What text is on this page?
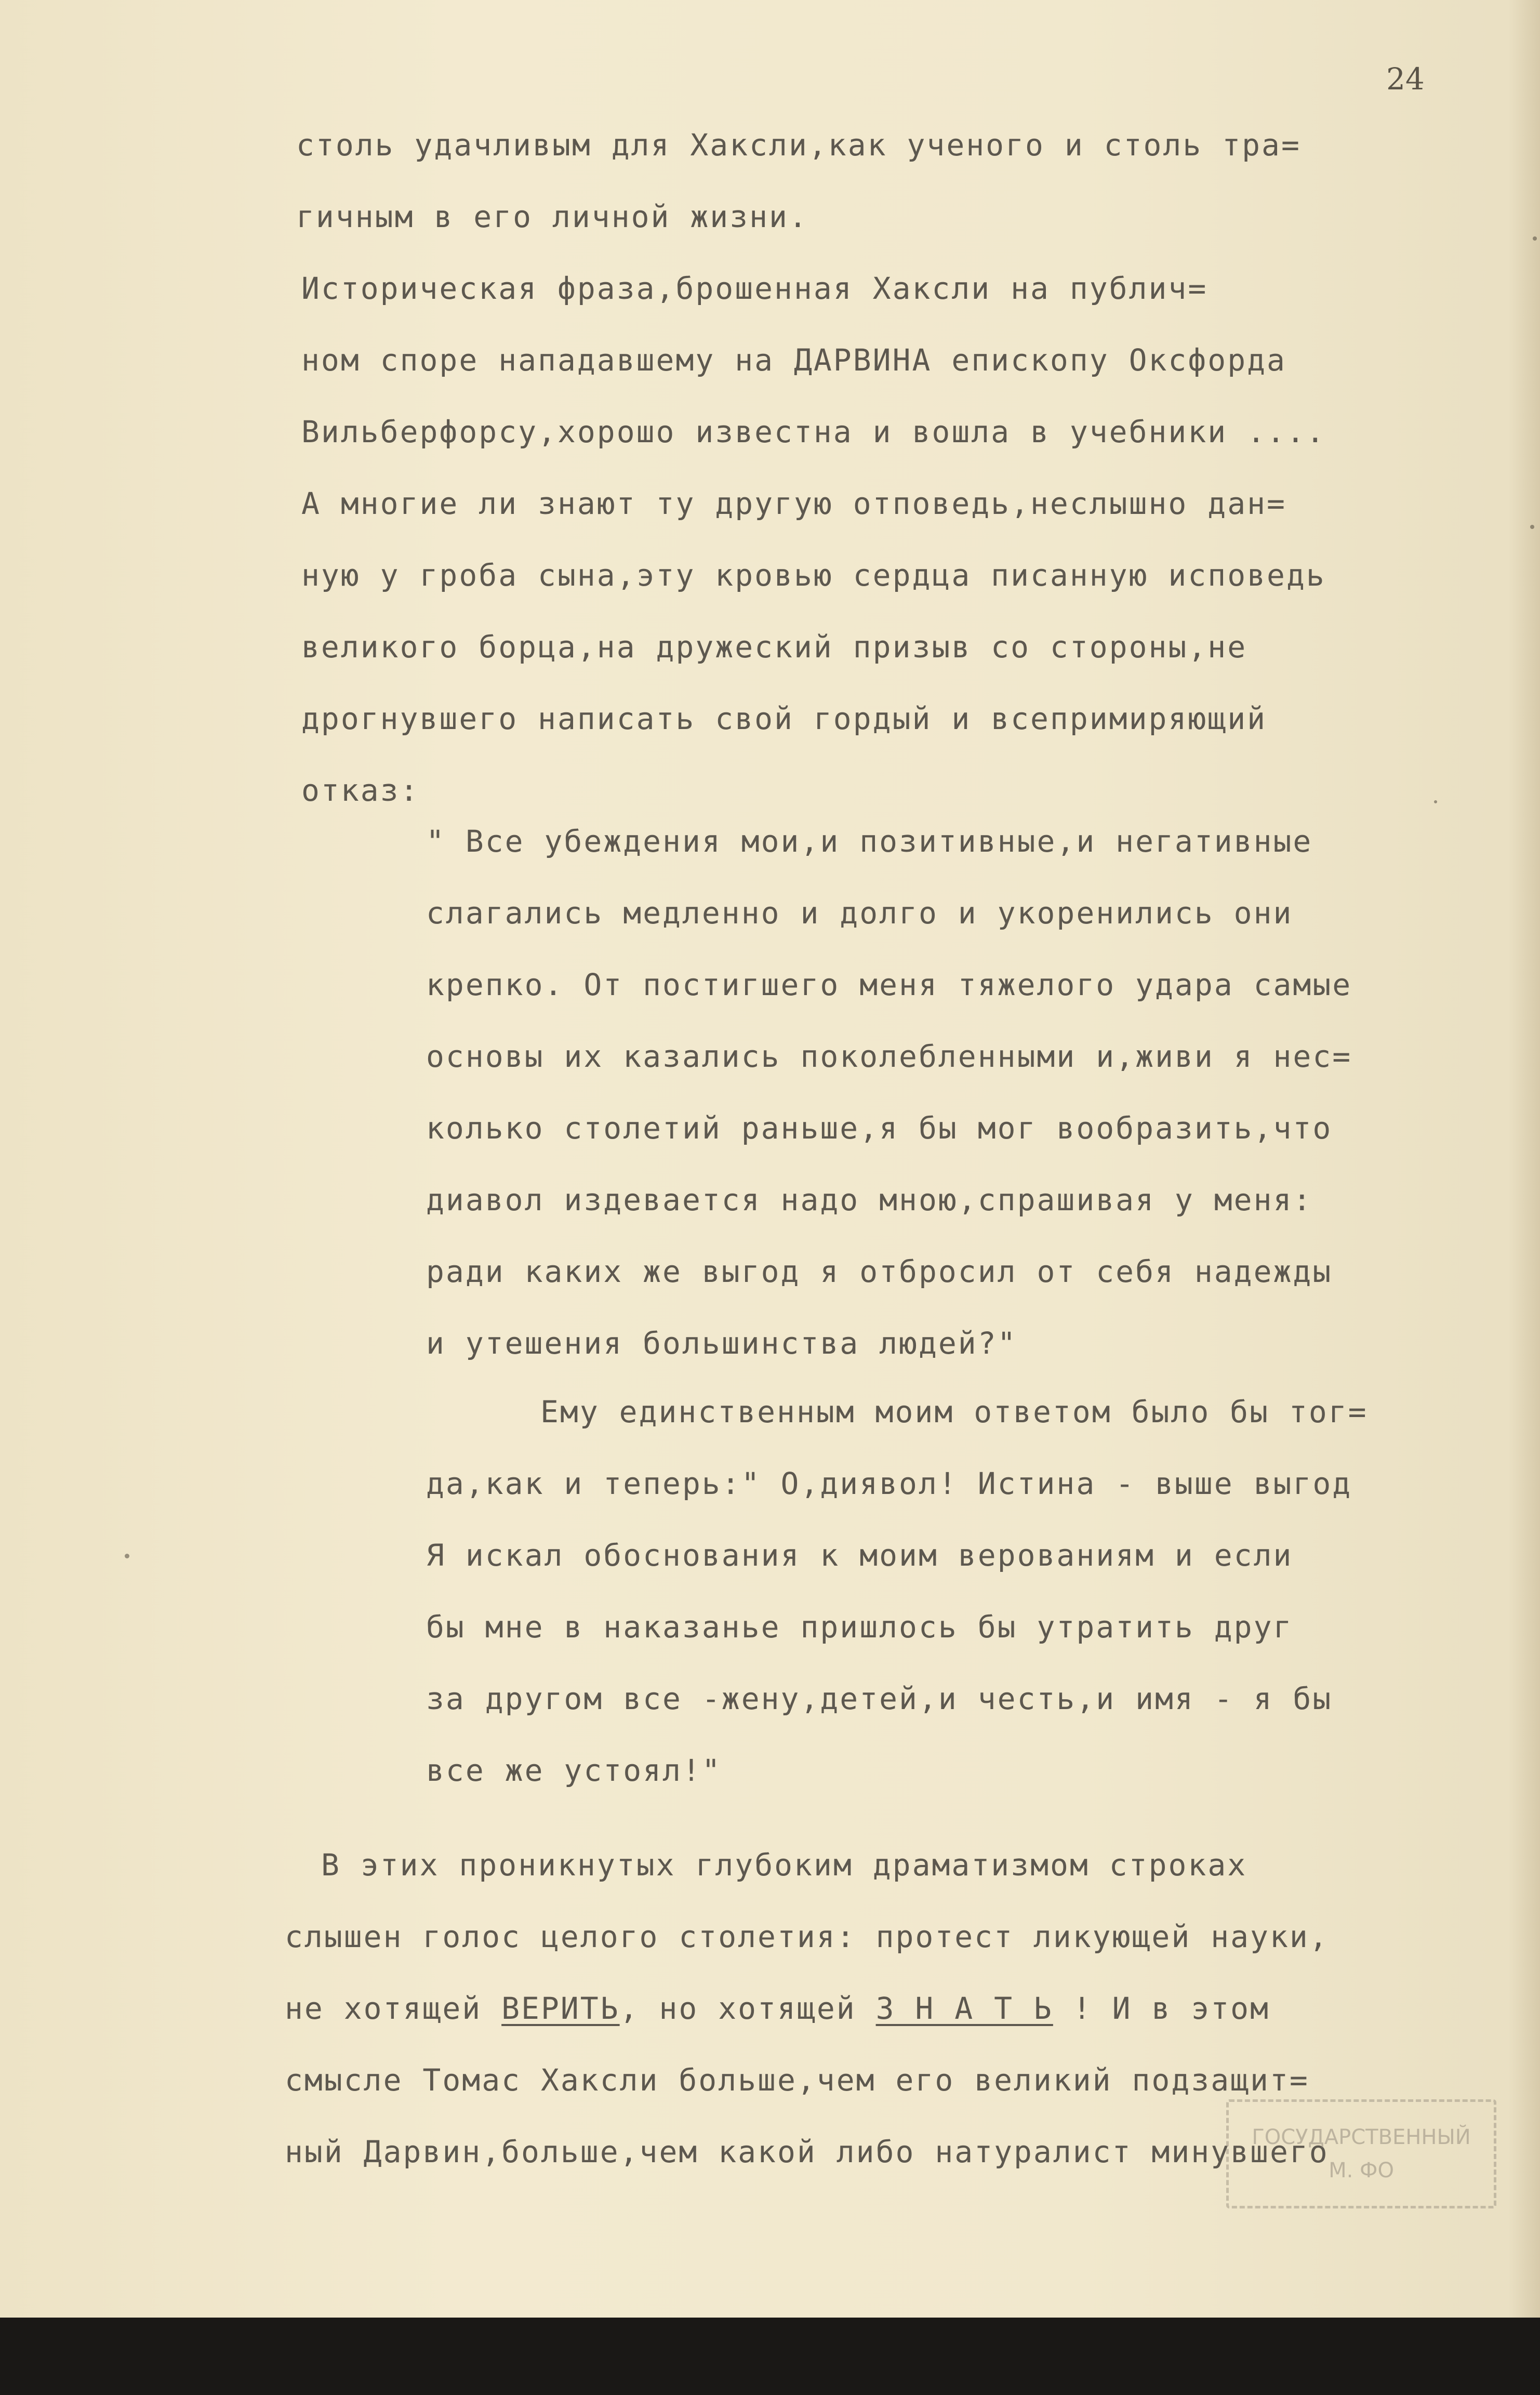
24

столь удачливым для Хаксли,как ученого и столь тра=
гичным в его личной жизни.

Историческая фраза,брошенная Хаксли на публич=
ном споре нападавшему на ДАРВИНА епископу Оксфорда
Вильберфорсу,хорошо известна и вошла в учебники ....
А многие ли знают ту другую отповедь,неслышно дан=
ную у гроба сына,эту кровью сердца писанную исповедь
великого борца,на дружеский призыв со стороны,не
дрогнувшего написать свой гордый и всепримиряющий
отказ:

" Все убеждения мои,и позитивные,и негативные
слагались медленно и долго и укоренились они
крепко. От постигшего меня тяжелого удара самые
основы их казались поколебленными и,живи я нес=
колько столетий раньше,я бы мог вообразить,что
диавол издевается надо мною,спрашивая у меня:
ради каких же выгод я отбросил от себя надежды
и утешения большинства людей?"

Ему единственным моим ответом было бы тог=
да,как и теперь:" О,диявол! Истина - выше выгод
Я искал обоснования к моим верованиям и если
бы мне в наказанье пришлось бы утратить друг
за другом все -жену,детей,и честь,и имя - я бы
все же устоял!"

В этих проникнутых глубоким драматизмом строках
слышен голос целого столетия: протест ликующей науки,
не хотящей ВЕРИТЬ, но хотящей З Н А Т Ь ! И в этом
смысле Томас Хаксли больше,чем его великий подзащит=
ный Дарвин,больше,чем какой либо натуралист минувшего

ГОСУДАРСТВЕННЫЙ
М. ФО
